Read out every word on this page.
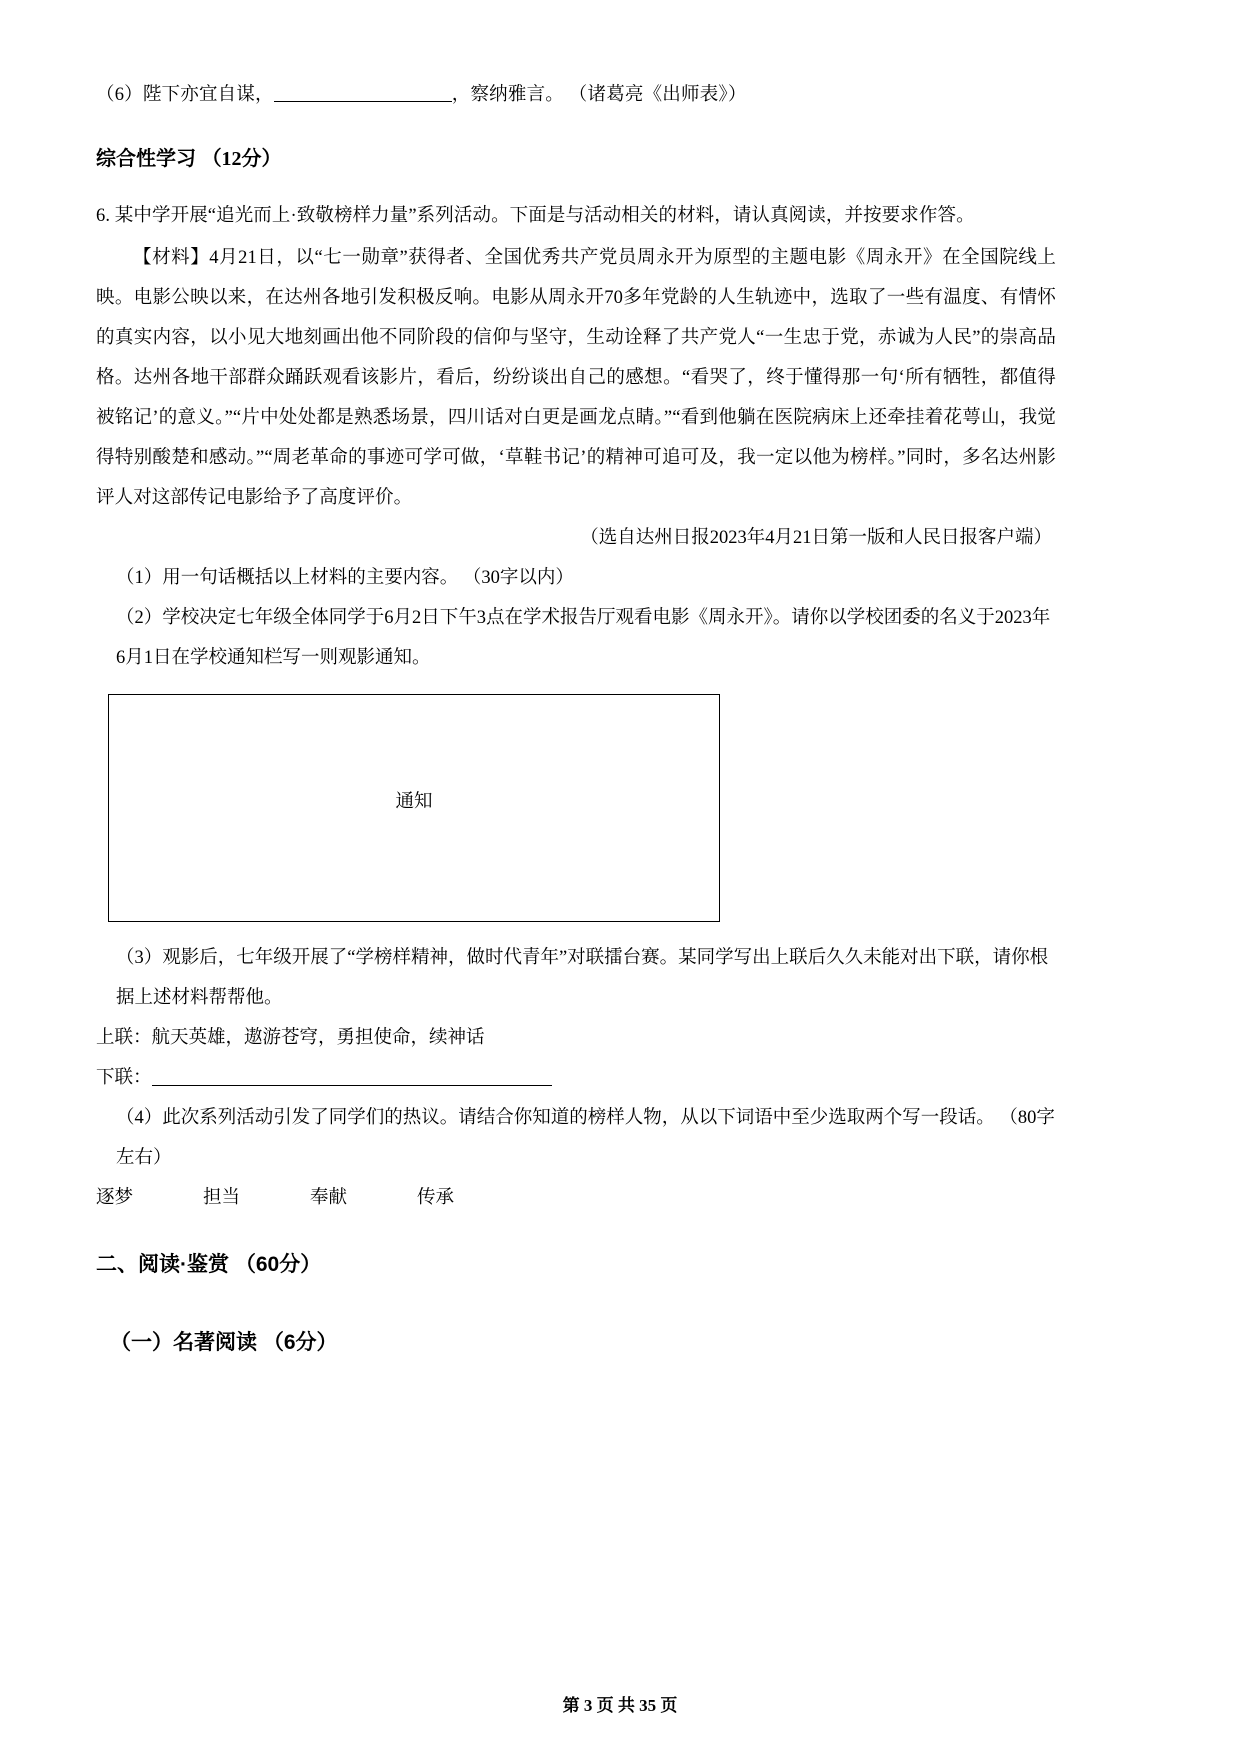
（6）陛下亦宜自谋，	，察纳雅言。 （诸葛亮《出师表》）
综合性学习 （12分）
6. 某中学开展“追光而上·致敬榜样力量”系列活动。下面是与活动相关的材料，请认真阅读，并按要求作答。
【材料】4月21日，以“七一勋章”获得者、全国优秀共产党员周永开为原型的主题电影《周永开》在全国院线上映。电影公映以来，在达州各地引发积极反响。电影从周永开70多年党龄的人生轨迹中，选取了一些有温度、有情怀的真实内容，以小见大地刻画出他不同阶段的信仰与坚守，生动诠释了共产党人“一生忠于党，赤诚为人民”的崇高品格。达州各地干部群众踊跃观看该影片，看后，纷纷谈出自己的感想。“看哭了，终于懂得那一句‘所有牺牲，都值得被铭记’的意义。”“片中处处都是熟悉场景，四川话对白更是画龙点睛。”“看到他躺在医院病床上还牵挂着花萼山，我觉得特别酸楚和感动。”“周老革命的事迹可学可做，‘草鞋书记’的精神可追可及，我一定以他为榜样。”同时，多名达州影评人对这部传记电影给予了高度评价。
（选自达州日报2023年4月21日第一版和人民日报客户端）
（1）用一句话概括以上材料的主要内容。 （30字以内）
（2）学校决定七年级全体同学于6月2日下午3点在学术报告厅观看电影《周永开》。请你以学校团委的名义于2023年6月1日在学校通知栏写一则观影通知。
通知
（3）观影后，七年级开展了“学榜样精神，做时代青年”对联擂台赛。某同学写出上联后久久未能对出下联，请你根据上述材料帮帮他。
上联：航天英雄，遨游苍穹，勇担使命，续神话
下联：
（4）此次系列活动引发了同学们的热议。请结合你知道的榜样人物，从以下词语中至少选取两个写一段话。 （80字左右）
逐梦	担当	奉献	传承
二、阅读·鉴赏 （60分）
（一）名著阅读 （6分）
第 3 页 共 35 页
